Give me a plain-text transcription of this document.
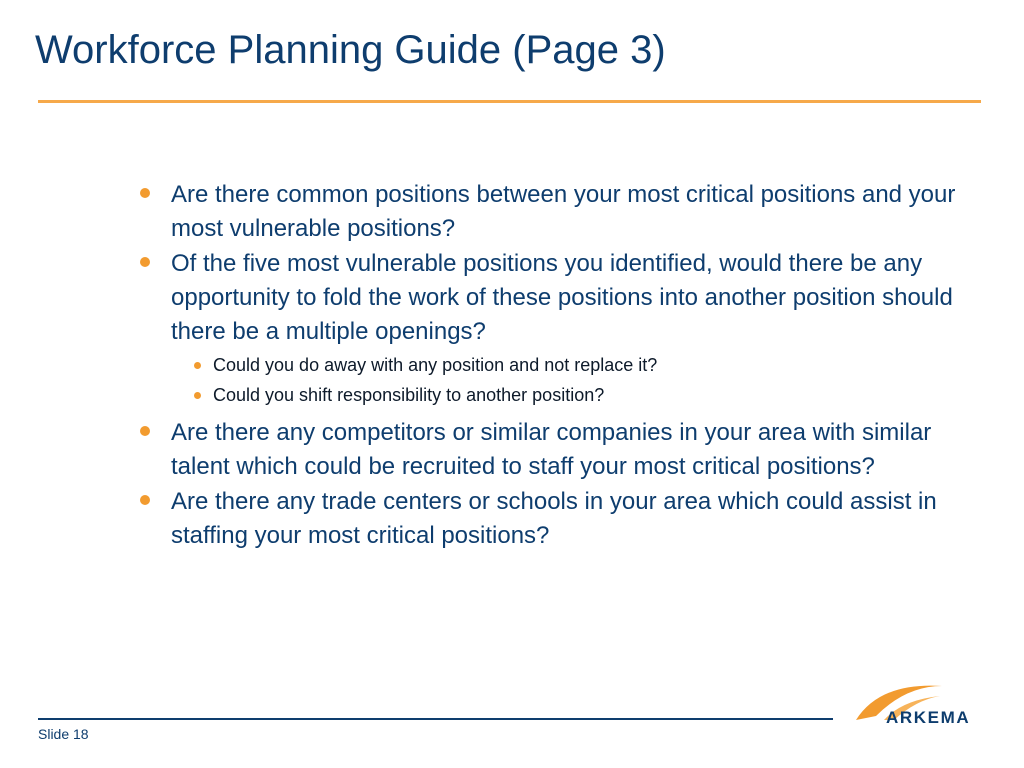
Workforce Planning Guide (Page 3)
Are there common positions between your most critical positions and your most vulnerable positions?
Of the five most vulnerable positions you identified, would there be any opportunity to fold the work of these positions into another position should there be a multiple openings?
Could you do away with any position and not replace it?
Could you shift responsibility to another position?
Are there any competitors or similar companies in your area with similar talent which could be recruited to staff your most critical positions?
Are there any trade centers or schools in your area which could assist in staffing your most critical positions?
Slide 18
ARKEMA
